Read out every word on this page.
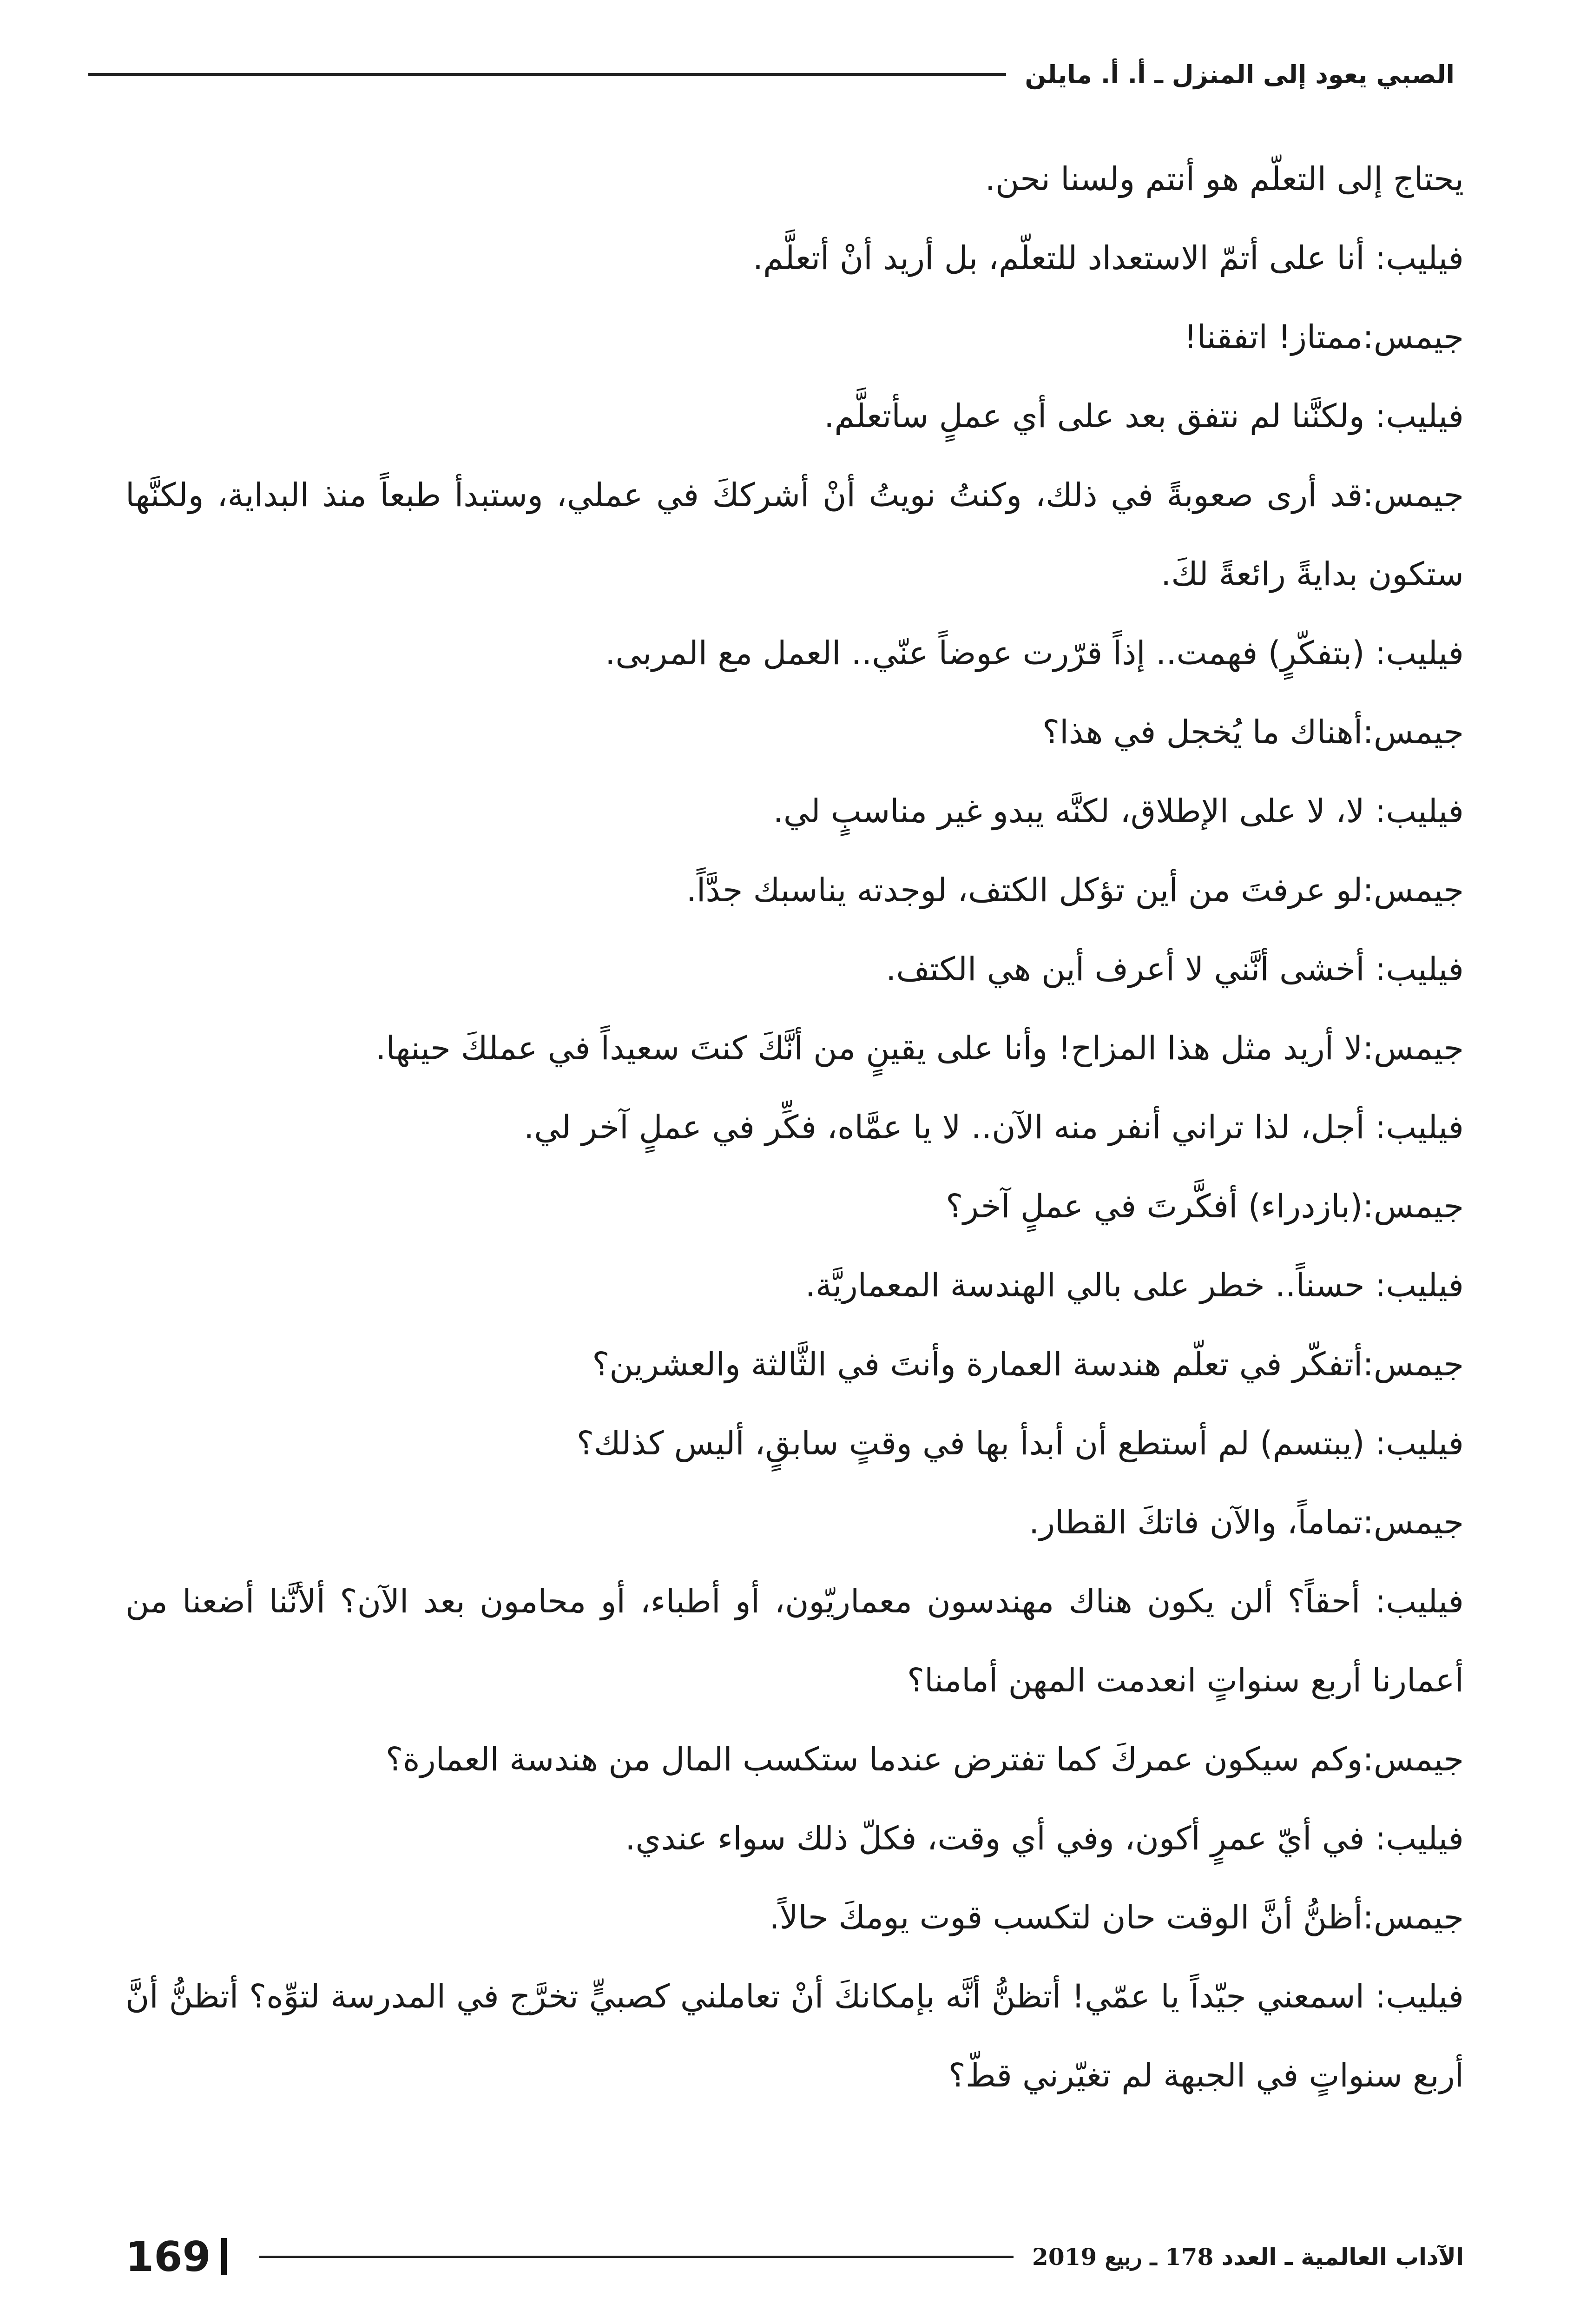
الصبي يعود إلى المنزل ـ أ. أ. مايلن

يحتاج إلى التعلّم هو أنتم ولسنا نحن.

فيليب: أنا على أتمّ الاستعداد للتعلّم، بل أريد أنْ أتعلَّم.

جيمس:ممتاز! اتفقنا!

فيليب: ولكنَّنا لم نتفق بعد على أي عملٍ سأتعلَّم.

جيمس:قد أرى صعوبةً في ذلك، وكنتُ نويتُ أنْ أشرككَ في عملي، وستبدأ طبعاً منذ البداية، ولكنَّها ستكون بدايةً رائعةً لكَ.

فيليب: (بتفكّرٍ) فهمت.. إذاً قرّرت عوضاً عنّي.. العمل مع المربى.

جيمس:أهناك ما يُخجل في هذا؟

فيليب: لا، لا على الإطلاق، لكنَّه يبدو غير مناسبٍ لي.

جيمس:لو عرفتَ من أين تؤكل الكتف، لوجدته يناسبك جدَّاً.

فيليب: أخشى أنَّني لا أعرف أين هي الكتف.

جيمس:لا أريد مثل هذا المزاح! وأنا على يقينٍ من أنَّكَ كنتَ سعيداً في عملكَ حينها.

فيليب: أجل، لذا تراني أنفر منه الآن.. لا يا عمَّاه، فكِّر في عملٍ آخر لي.

جيمس:(بازدراء) أفكَّرتَ في عملٍ آخر؟

فيليب: حسناً.. خطر على بالي الهندسة المعماريَّة.

جيمس:أتفكّر في تعلّم هندسة العمارة وأنتَ في الثَّالثة والعشرين؟

فيليب: (يبتسم) لم أستطع أن أبدأ بها في وقتٍ سابقٍ، أليس كذلك؟

جيمس:تماماً، والآن فاتكَ القطار.

فيليب: أحقاً؟ ألن يكون هناك مهندسون معماريّون، أو أطباء، أو محامون بعد الآن؟ ألأنَّنا أضعنا من أعمارنا أربع سنواتٍ انعدمت المهن أمامنا؟

جيمس:وكم سيكون عمركَ كما تفترض عندما ستكسب المال من هندسة العمارة؟

فيليب: في أيّ عمرٍ أكون، وفي أي وقت، فكلّ ذلك سواء عندي.

جيمس:أظنُّ أنَّ الوقت حان لتكسب قوت يومكَ حالاً.

فيليب: اسمعني جيّداً يا عمّي! أتظنُّ أنَّه بإمكانكَ أنْ تعاملني كصبيٍّ تخرَّج في المدرسة لتوِّه؟ أتظنُّ أنَّ أربع سنواتٍ في الجبهة لم تغيّرني قطّ؟

169	الآداب العالمية ـ العدد 178 ـ ربيع 2019
